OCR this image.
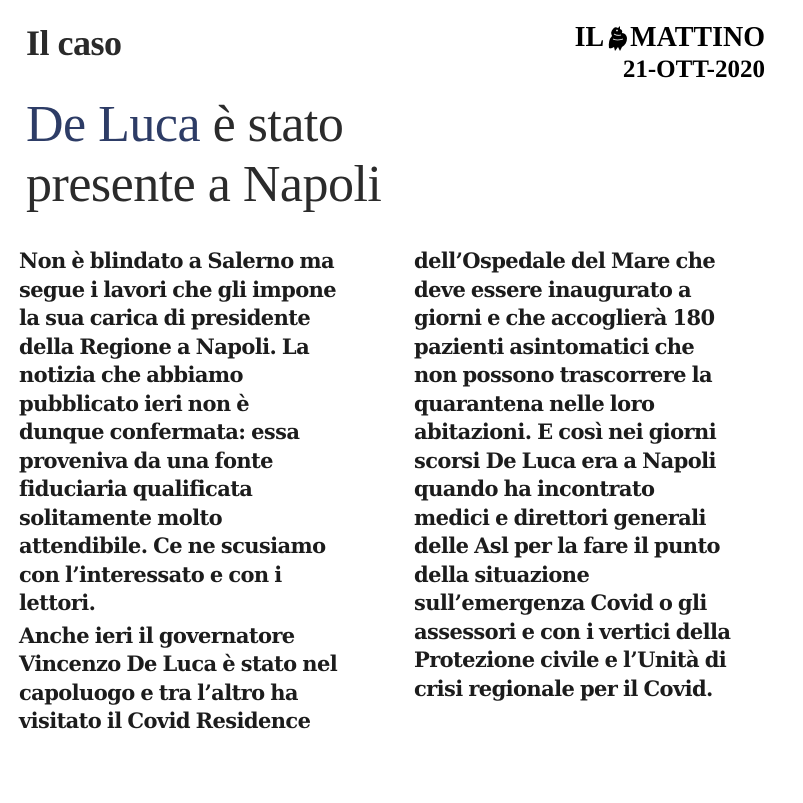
Il caso	IL MATTINO
21-OTT-2020
De Luca è stato
presente a Napoli

Non è blindato a Salerno ma
segue i lavori che gli impone
la sua carica di presidente
della Regione a Napoli. La
notizia che abbiamo
pubblicato ieri non è
dunque confermata: essa
proveniva da una fonte
fiduciaria qualificata
solitamente molto
attendibile. Ce ne scusiamo
con l’interessato e con i
lettori.

Anche ieri il governatore
Vincenzo De Luca è stato nel
capoluogo e tra l’altro ha
visitato il Covid Residence

dell’Ospedale del Mare che
deve essere inaugurato a
giorni e che accoglierà 180
pazienti asintomatici che
non possono trascorrere la
quarantena nelle loro
abitazioni. E così nei giorni
scorsi De Luca era a Napoli
quando ha incontrato
medici e direttori generali
delle Asl per la fare il punto
della situazione
sull’emergenza Covid o gli
assessori e con i vertici della
Protezione civile e l’Unità di
crisi regionale per il Covid.
